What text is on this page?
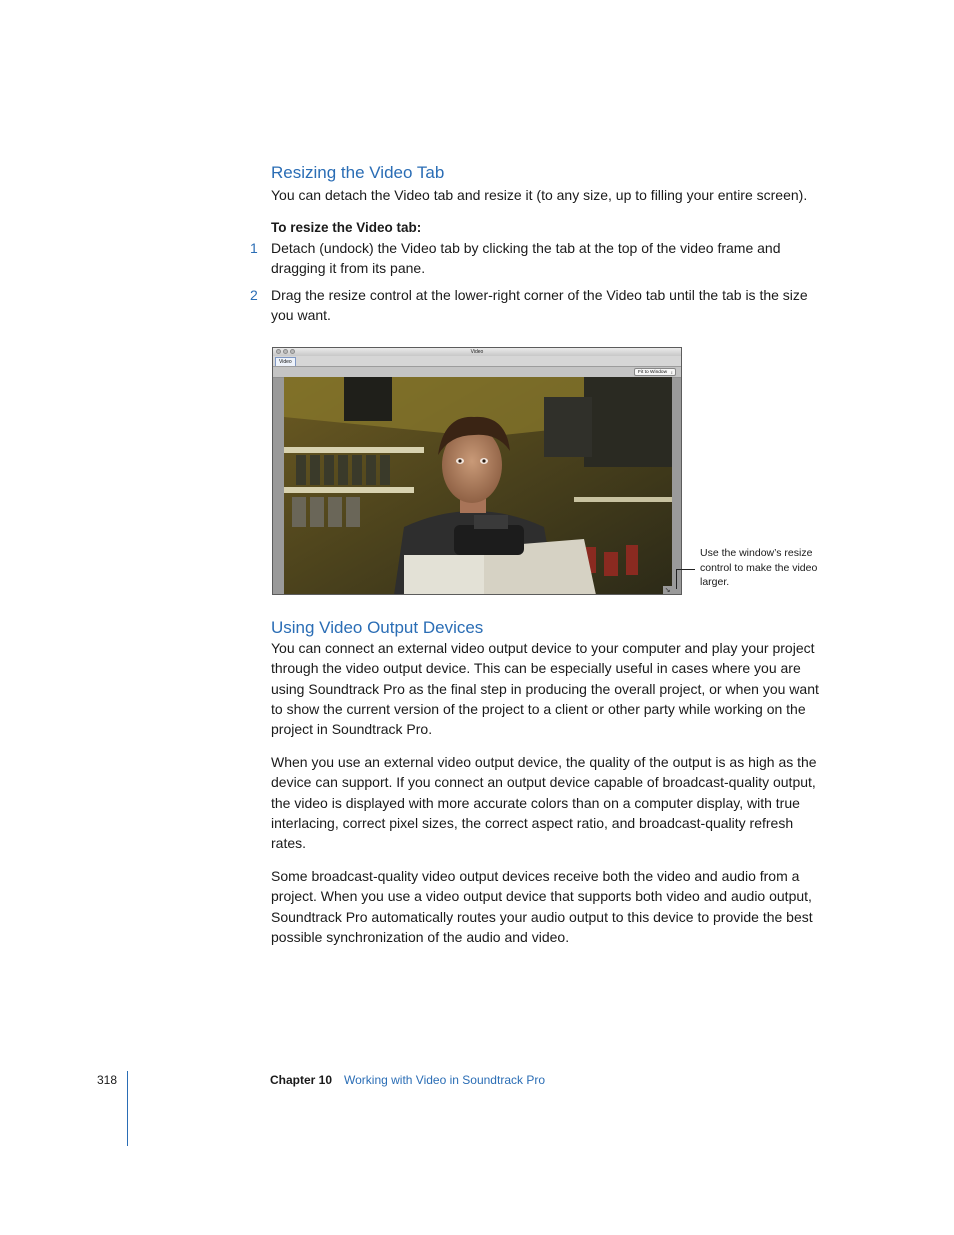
Resizing the Video Tab

You can detach the Video tab and resize it (to any size, up to filling your entire screen).

To resize the Video tab:

1 Detach (undock) the Video tab by clicking the tab at the top of the video frame and dragging it from its pane.
2 Drag the resize control at the lower-right corner of the Video tab until the tab is the size you want.
Video
Video
Fit to Window ↕
↘

Use the window’s resize control to make the video larger.

Using Video Output Devices

You can connect an external video output device to your computer and play your project through the video output device. This can be especially useful in cases where you are using Soundtrack Pro as the final step in producing the overall project, or when you want to show the current version of the project to a client or other party while working on the project in Soundtrack Pro.

When you use an external video output device, the quality of the output is as high as the device can support. If you connect an output device capable of broadcast-quality output, the video is displayed with more accurate colors than on a computer display, with true interlacing, correct pixel sizes, the correct aspect ratio, and broadcast-quality refresh rates.

Some broadcast-quality video output devices receive both the video and audio from a project. When you use a video output device that supports both video and audio output, Soundtrack Pro automatically routes your audio output to this device to provide the best possible synchronization of the audio and video.

318	Chapter 10 Working with Video in Soundtrack Pro
